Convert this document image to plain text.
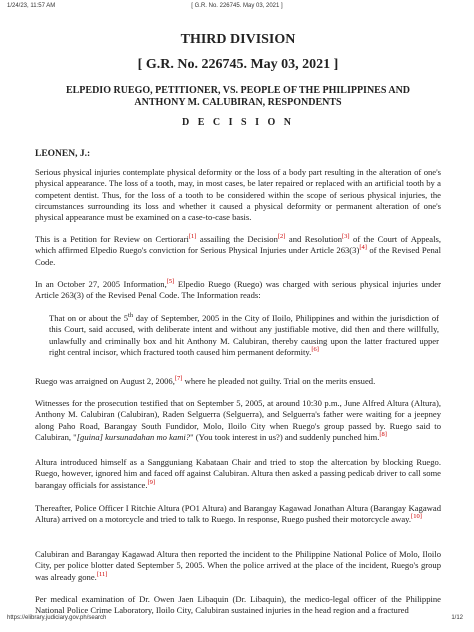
1/24/23, 11:57 AM	[ G.R. No. 226745. May 03, 2021 ]
THIRD DIVISION
[ G.R. No. 226745. May 03, 2021 ]
ELPEDIO RUEGO, PETITIONER, VS. PEOPLE OF THE PHILIPPINES AND
ANTHONY M. CALUBIRAN, RESPONDENTS
D E C I S I O N
LEONEN, J.:
Serious physical injuries contemplate physical deformity or the loss of a body part resulting in the alteration of one's physical appearance. The loss of a tooth, may, in most cases, be later repaired or replaced with an artificial tooth by a competent dentist. Thus, for the loss of a tooth to be considered within the scope of serious physical injuries, the circumstances surrounding its loss and whether it caused a physical deformity or permanent alteration of one's physical appearance must be examined on a case-to-case basis.
This is a Petition for Review on Certiorari[1] assailing the Decision[2] and Resolution[3] of the Court of Appeals, which affirmed Elpedio Ruego's conviction for Serious Physical Injuries under Article 263(3)[4] of the Revised Penal Code.
In an October 27, 2005 Information,[5] Elpedio Ruego (Ruego) was charged with serious physical injuries under Article 263(3) of the Revised Penal Code. The Information reads:
That on or about the 5th day of September, 2005 in the City of Iloilo, Philippines and within the jurisdiction of this Court, said accused, with deliberate intent and without any justifiable motive, did then and there willfully, unlawfully and criminally box and hit Anthony M. Calubiran, thereby causing upon the latter fractured upper right central incisor, which fractured tooth caused him permanent deformity.[6]
Ruego was arraigned on August 2, 2006,[7] where he pleaded not guilty. Trial on the merits ensued.
Witnesses for the prosecution testified that on September 5, 2005, at around 10:30 p.m., June Alfred Altura (Altura), Anthony M. Calubiran (Calubiran), Raden Selguerra (Selguerra), and Selguerra's father were waiting for a jeepney along Paho Road, Barangay South Fundidor, Molo, Iloilo City when Ruego's group passed by. Ruego said to Calubiran, "[guina] kursunadahan mo kami?" (You took interest in us?) and suddenly punched him.[8]
Altura introduced himself as a Sangguniang Kabataan Chair and tried to stop the altercation by blocking Ruego. Ruego, however, ignored him and faced off against Calubiran. Altura then asked a passing pedicab driver to call some barangay officials for assistance.[9]
Thereafter, Police Officer I Ritchie Altura (PO1 Altura) and Barangay Kagawad Jonathan Altura (Barangay Kagawad Altura) arrived on a motorcycle and tried to talk to Ruego. In response, Ruego pushed their motorcycle away.[10]
Calubiran and Barangay Kagawad Altura then reported the incident to the Philippine National Police of Molo, Iloilo City, per police blotter dated September 5, 2005. When the police arrived at the place of the incident, Ruego's group was already gone.[11]
Per medical examination of Dr. Owen Jaen Libaquin (Dr. Libaquin), the medico-legal officer of the Philippine National Police Crime Laboratory, Iloilo City, Calubiran sustained injuries in the head region and a fractured
https://elibrary.judiciary.gov.ph/search	1/12
